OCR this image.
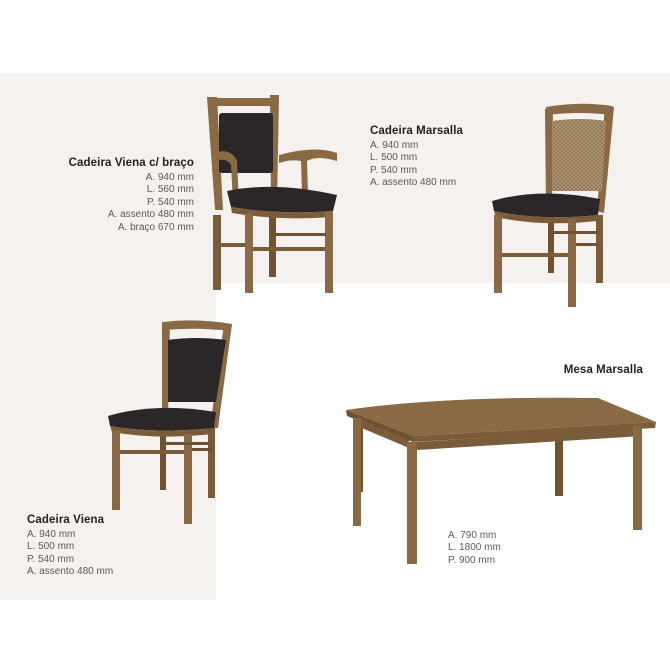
Cadeira Viena c/ braço
A. 940 mm
L. 560 mm
P. 540 mm
A. assento 480 mm
A. braço 670 mm
Cadeira Marsalla
A. 940 mm
L. 500 mm
P. 540 mm
A. assento 480 mm
Cadeira Viena
A. 940 mm
L. 500 mm
P. 540 mm
A. assento 480 mm
Mesa Marsalla
A. 790 mm
L. 1800 mm
P. 900 mm
